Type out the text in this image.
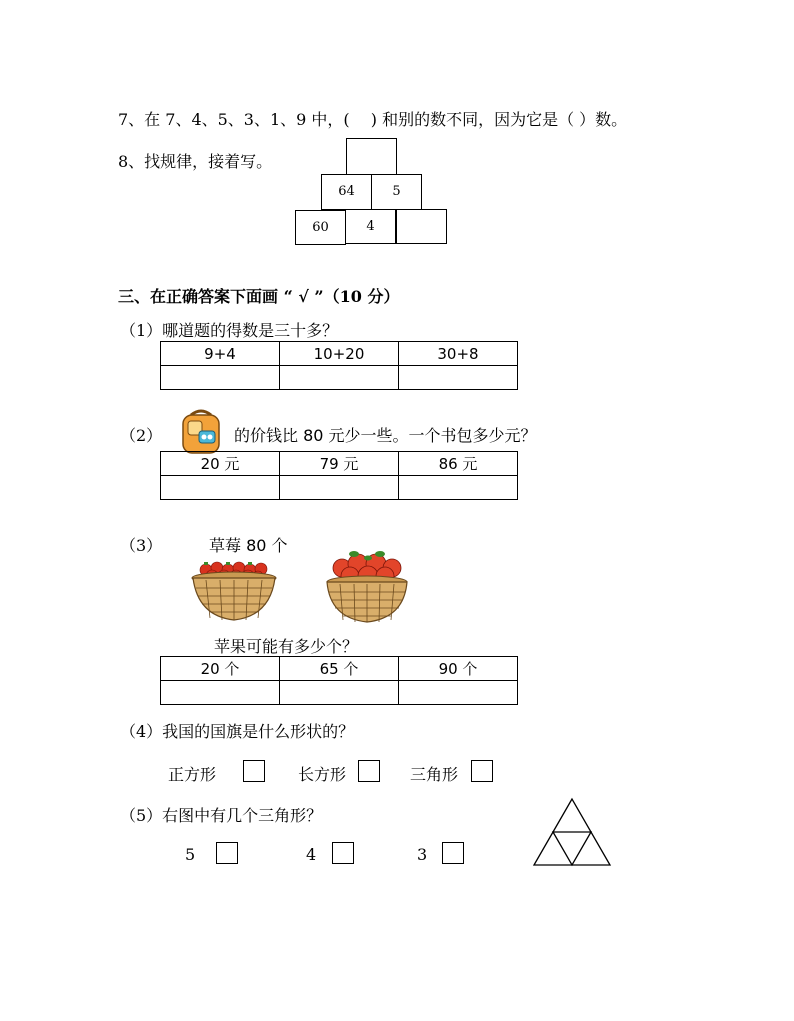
7、在 7、4、5、3、1、9 中，(　 ) 和别的数不同，因为它是（ ）数。
8、找规律，接着写。
64	5
60	4
三、在正确答案下面画 “ √ ”（10 分）
（1）哪道题的得数是三十多？
9+4	10+20	30+8

（2）	的价钱比 80 元少一些。一个书包多少元？
20 元	79 元	86 元

（3）	草莓 80 个
苹果可能有多少个？
20 个	65 个	90 个

（4）我国的国旗是什么形状的？
正方形	长方形	三角形
（5）右图中有几个三角形？
5	4	3
